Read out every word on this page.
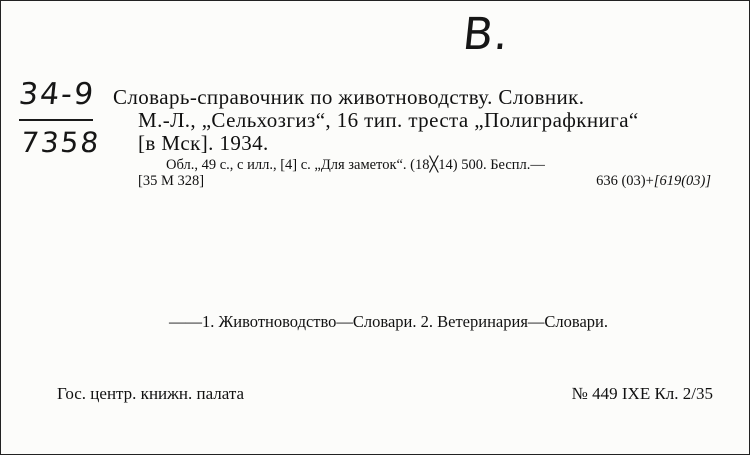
В.
34-9
7358
Словарь-справочник по животноводству. Словник.
М.-Л., „Сельхозгиз“, 16 тип. треста „Полиграфкнига“
[в Мск]. 1934.
Обл., 49 с., с илл., [4] с. „Для заметок“. (18╳14) 500. Беспл.—
[35 М 328]	636 (03)+[619(03)]
——1. Животноводство—Словари. 2. Ветеринария—Словари.
Гос. центр. книжн. палата	№ 449 IXE Кл. 2/35
